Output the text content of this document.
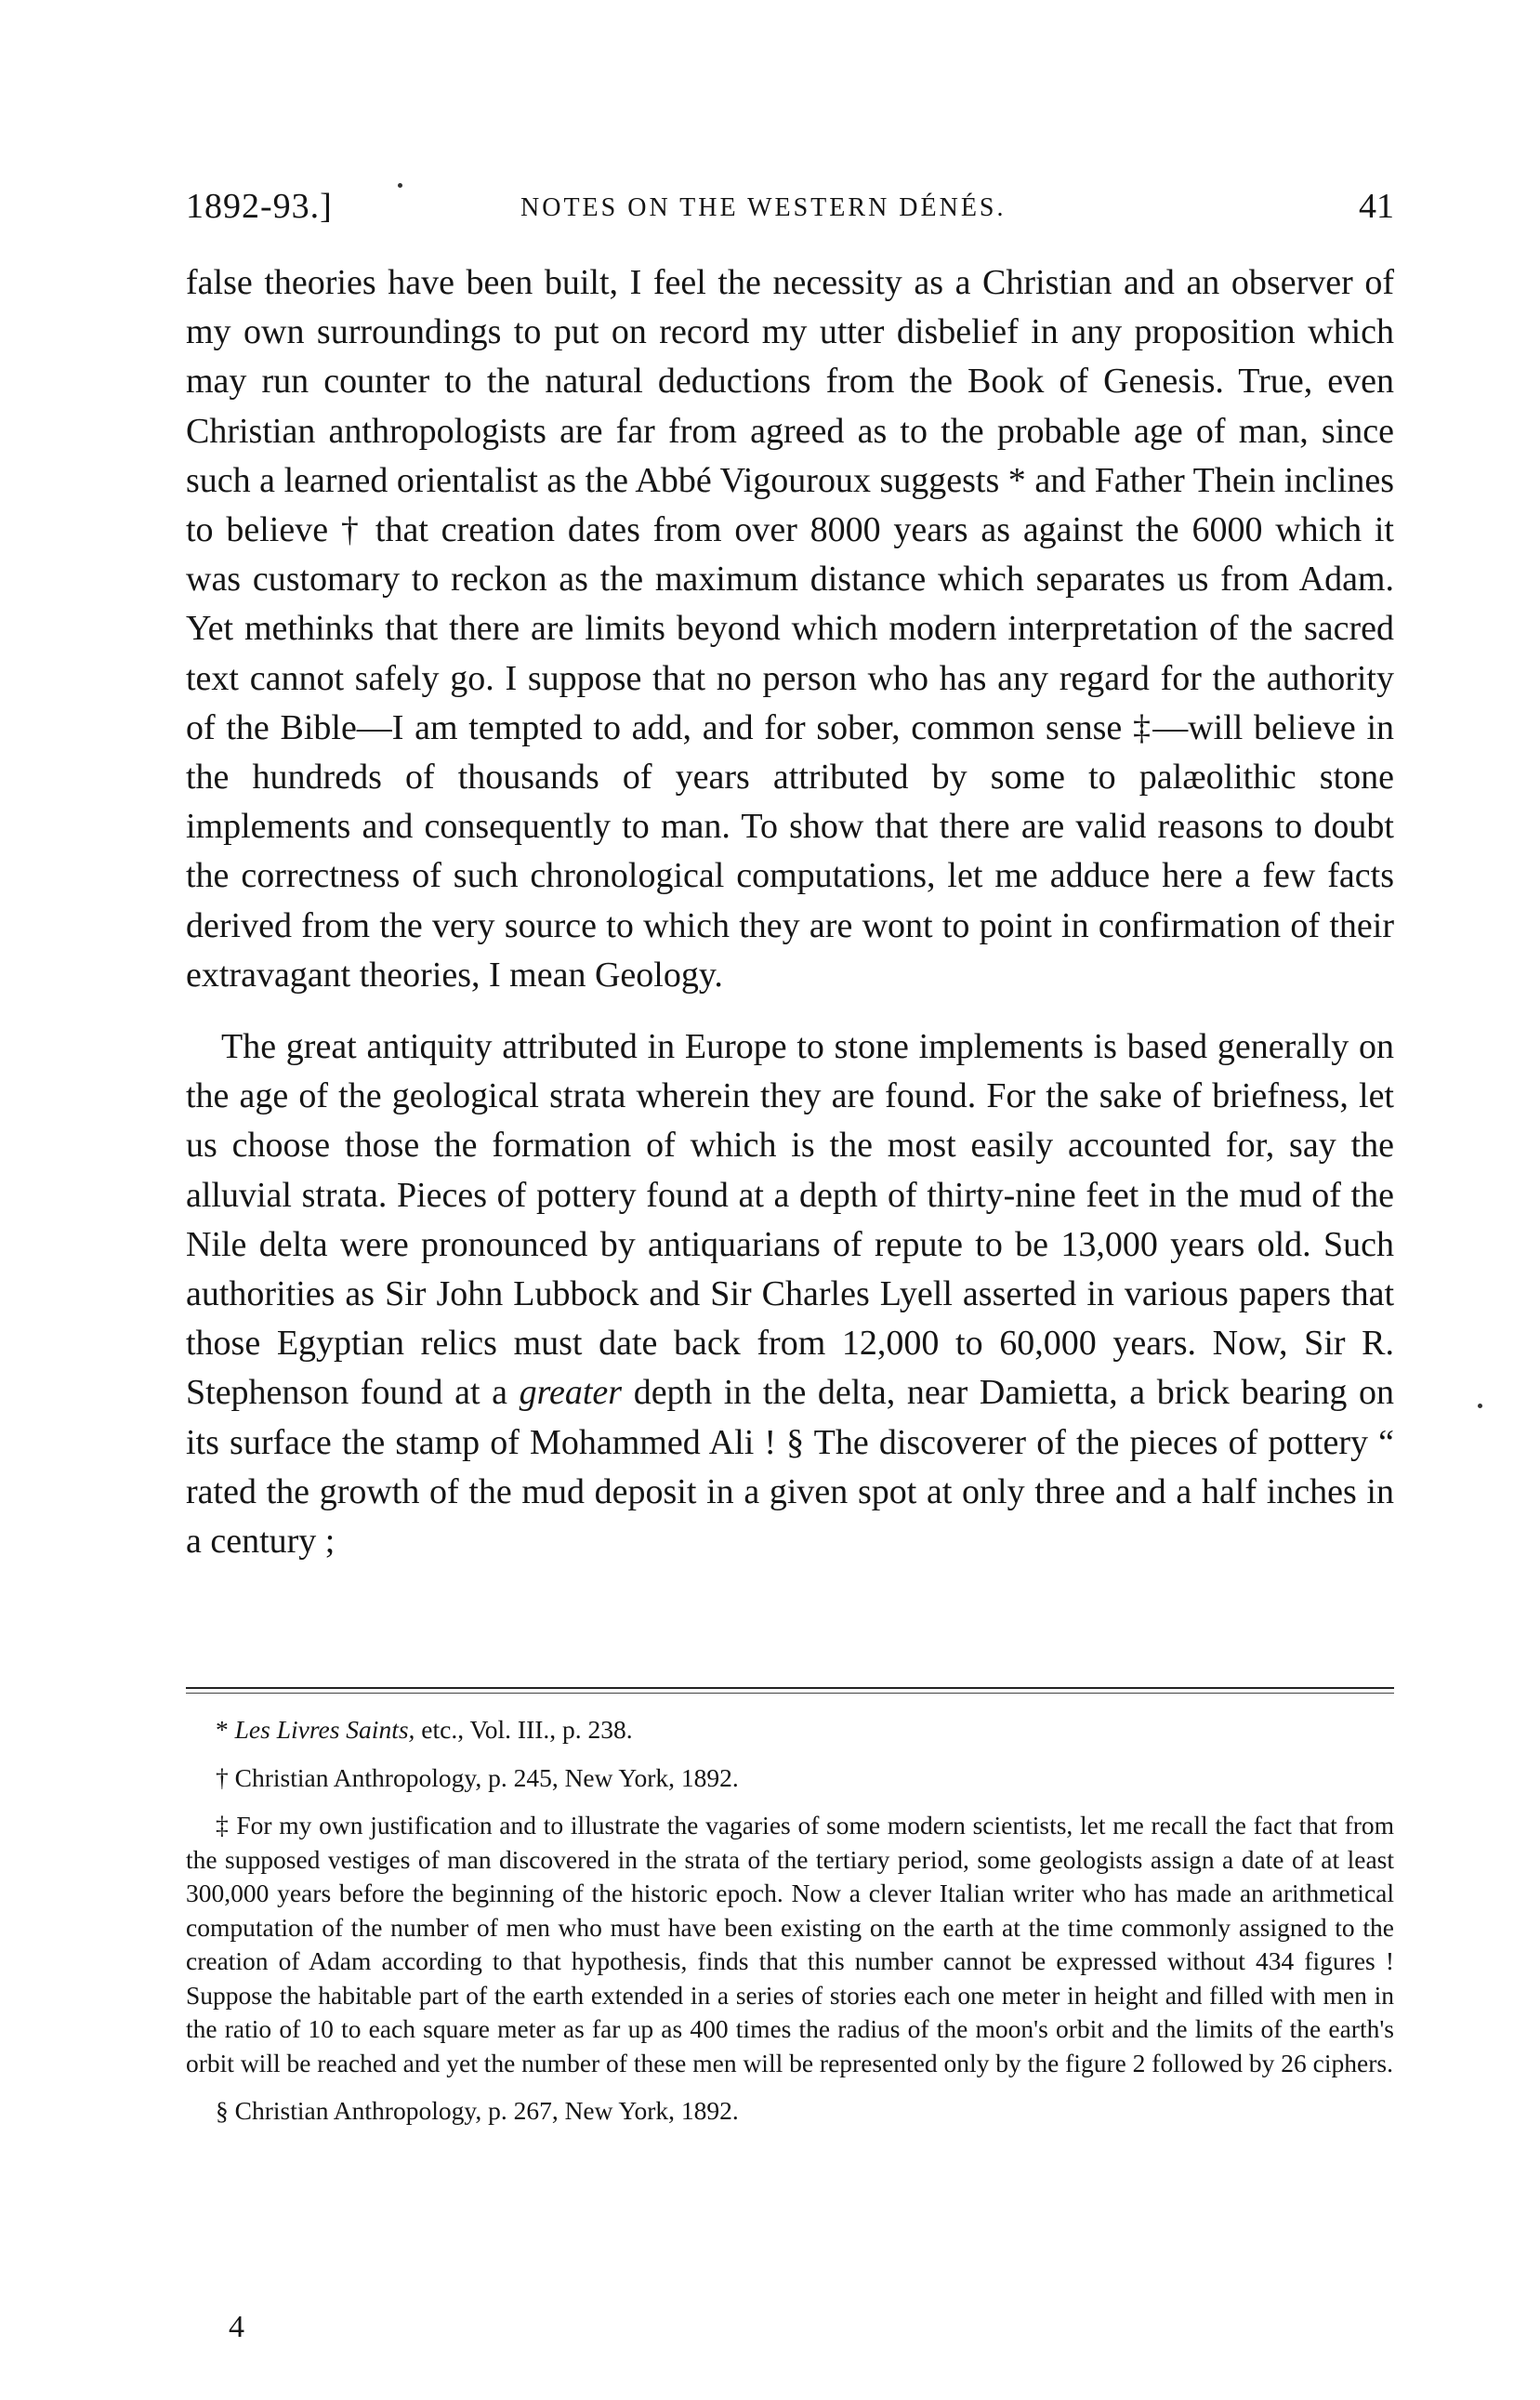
1892-93.]	NOTES ON THE WESTERN DÉNÉS.	41

false theories have been built, I feel the necessity as a Christian and an observer of my own surroundings to put on record my utter disbelief in any proposition which may run counter to the natural deductions from the Book of Genesis. True, even Christian anthropologists are far from agreed as to the probable age of man, since such a learned orientalist as the Abbé Vigouroux suggests * and Father Thein inclines to believe † that creation dates from over 8000 years as against the 6000 which it was customary to reckon as the maximum distance which separates us from Adam. Yet methinks that there are limits beyond which modern interpretation of the sacred text cannot safely go. I suppose that no person who has any regard for the authority of the Bible—I am tempted to add, and for sober, common sense ‡—will believe in the hundreds of thousands of years attributed by some to palæolithic stone implements and consequently to man. To show that there are valid reasons to doubt the correctness of such chronological computations, let me adduce here a few facts derived from the very source to which they are wont to point in confirmation of their extravagant theories, I mean Geology.

The great antiquity attributed in Europe to stone implements is based generally on the age of the geological strata wherein they are found. For the sake of briefness, let us choose those the formation of which is the most easily accounted for, say the alluvial strata. Pieces of pottery found at a depth of thirty-nine feet in the mud of the Nile delta were pronounced by antiquarians of repute to be 13,000 years old. Such authorities as Sir John Lubbock and Sir Charles Lyell asserted in various papers that those Egyptian relics must date back from 12,000 to 60,000 years. Now, Sir R. Stephenson found at a greater depth in the delta, near Damietta, a brick bearing on its surface the stamp of Mohammed Ali ! § The discoverer of the pieces of pottery “ rated the growth of the mud deposit in a given spot at only three and a half inches in a century ;

* Les Livres Saints, etc., Vol. III., p. 238.

† Christian Anthropology, p. 245, New York, 1892.

‡ For my own justification and to illustrate the vagaries of some modern scientists, let me recall the fact that from the supposed vestiges of man discovered in the strata of the tertiary period, some geologists assign a date of at least 300,000 years before the beginning of the historic epoch. Now a clever Italian writer who has made an arithmetical computation of the number of men who must have been existing on the earth at the time commonly assigned to the creation of Adam according to that hypothesis, finds that this number cannot be expressed without 434 figures ! Suppose the habitable part of the earth extended in a series of stories each one meter in height and filled with men in the ratio of 10 to each square meter as far up as 400 times the radius of the moon's orbit and the limits of the earth's orbit will be reached and yet the number of these men will be represented only by the figure 2 followed by 26 ciphers.

§ Christian Anthropology, p. 267, New York, 1892.

4
